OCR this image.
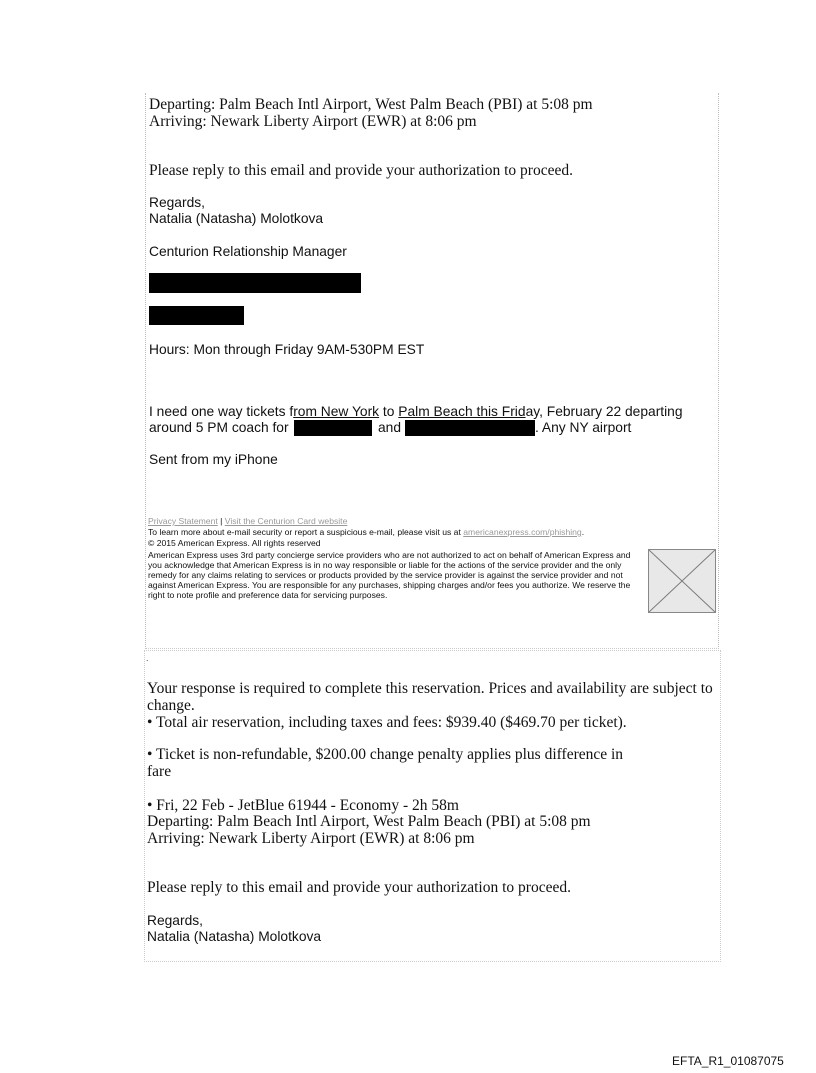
Departing: Palm Beach Intl Airport, West Palm Beach (PBI) at 5:08 pm
Arriving: Newark Liberty Airport (EWR) at 8:06 pm
Please reply to this email and provide your authorization to proceed.
Regards,
Natalia (Natasha) Molotkova
Centurion Relationship Manager
Hours: Mon through Friday 9AM-530PM EST
I need one way tickets from New York to Palm Beach this Friday, February 22 departing
around 5 PM coach for	and	. Any NY airport
Sent from my iPhone
Privacy Statement | Visit the Centurion Card website
To learn more about e-mail security or report a suspicious e-mail, please visit us at americanexpress.com/phishing.
© 2015 American Express. All rights reserved
American Express uses 3rd party concierge service providers who are not authorized to act on behalf of American Express and you acknowledge that American Express is in no way responsible or liable for the actions of the service provider and the only remedy for any claims relating to services or products provided by the service provider is against the service provider and not against American Express. You are responsible for any purchases, shipping charges and/or fees you authorize. We reserve the right to note profile and preference data for servicing purposes.
.
Your response is required to complete this reservation. Prices and availability are subject to change.
• Total air reservation, including taxes and fees: $939.40 ($469.70 per ticket).
• Ticket is non-refundable, $200.00 change penalty applies plus difference in
fare
• Fri, 22 Feb - JetBlue 61944 - Economy - 2h 58m
Departing: Palm Beach Intl Airport, West Palm Beach (PBI) at 5:08 pm
Arriving: Newark Liberty Airport (EWR) at 8:06 pm
Please reply to this email and provide your authorization to proceed.
Regards,
Natalia (Natasha) Molotkova
EFTA_R1_01087075
